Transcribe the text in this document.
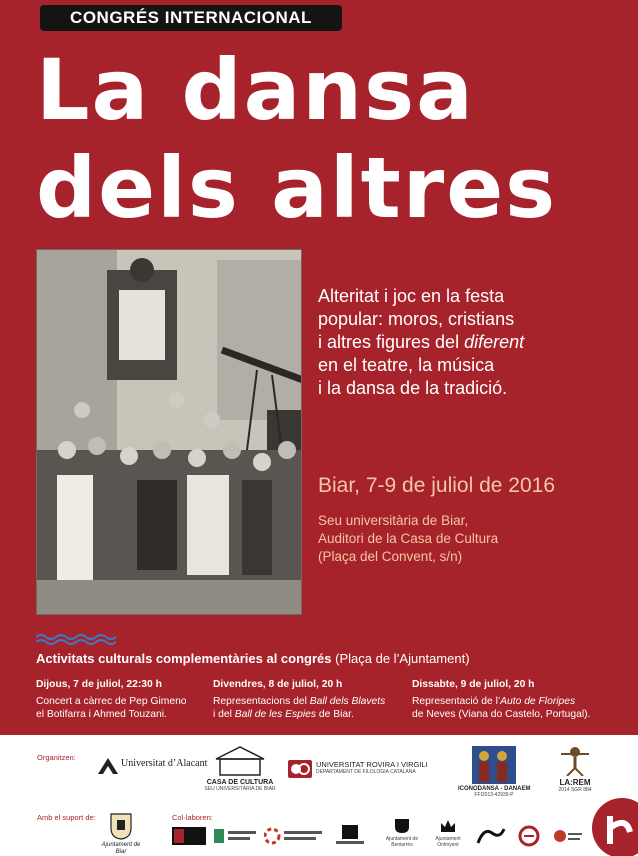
CONGRÉS INTERNACIONAL
La dansa
dels altres
Alteritat i joc en la festa
popular: moros, cristians
i altres figures del diferent
en el teatre, la música
i la dansa de la tradició.
Biar, 7-9 de juliol de 2016
Seu universitària de Biar,
Auditori de la Casa de Cultura
(Plaça del Convent, s/n)
Activitats culturals complementàries al congrés (Plaça de l’Ajuntament)
Dijous, 7 de juliol, 22:30 h
Concert a càrrec de Pep Gimeno
el Botifarra i Ahmed Touzani.
Divendres, 8 de juliol, 20 h
Representacions del Ball dels Blavets
i del Ball de les Espies de Biar.
Dissabte, 9 de juliol, 20 h
Representació de l’Auto de Floripes
de Neves (Viana do Castelo, Portugal).
Organitzen:
Universitat d’Alacant
CASA DE CULTURA
SEU UNIVERSITÀRIA DE BIAR
UNIVERSITAT ROVIRA I VIRGILI
DEPARTAMENT DE FILOLOGIA CATALANA
ICONODANSA - DANAEM
FFI2013-42939-P
LA:REM
2014 SGR 884
Amb el suport de:	Col·laboren:
Ajuntament de Biar
Ajuntament de Beniarrés
Ajuntament Ontinyent
